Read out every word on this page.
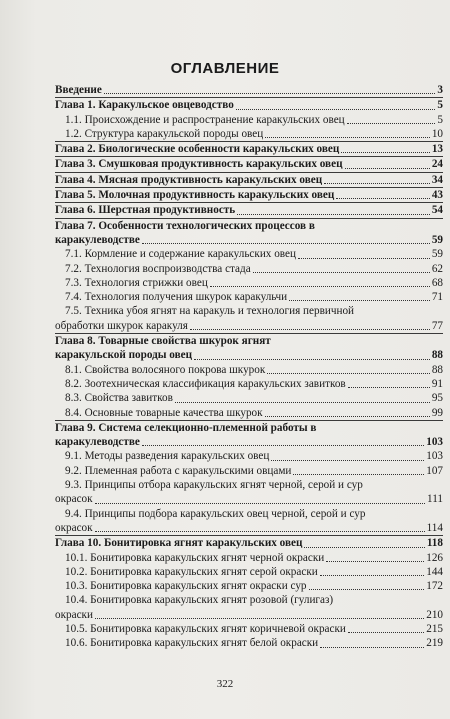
ОГЛАВЛЕНИЕ
Введение	3
Глава 1. Каракульское овцеводство	5
1.1. Происхождение и распространение каракульских овец	5
1.2. Структура каракульской породы овец	10
Глава 2. Биологические особенности каракульских овец	13
Глава 3. Смушковая продуктивность каракульских овец	24
Глава 4. Мясная продуктивность каракульских овец	34
Глава 5. Молочная продуктивность каракульских овец	43
Глава 6. Шерстная продуктивность	54
Глава 7. Особенности технологических процессов в
каракулеводстве	59
7.1. Кормление и содержание каракульских овец	59
7.2. Технология воспроизводства стада	62
7.3. Технология стрижки овец	68
7.4. Технология получения шкурок каракульчи	71
7.5. Техника убоя ягнят на каракуль и технология первичной
обработки шкурок каракуля	77
Глава 8. Товарные свойства шкурок ягнят
каракульской породы овец	88
8.1. Свойства волосяного покрова шкурок	88
8.2. Зоотехническая классификация каракульских завитков	91
8.3. Свойства завитков	95
8.4. Основные товарные качества шкурок	99
Глава 9. Система селекционно-племенной работы в
каракулеводстве	103
9.1. Методы разведения каракульских овец	103
9.2. Племенная работа с каракульскими овцами	107
9.3. Принципы отбора каракульских ягнят черной, серой и сур
окрасок	111
9.4. Принципы подбора каракульских овец черной, серой и сур
окрасок	114
Глава 10. Бонитировка ягнят каракульских овец	118
10.1. Бонитировка каракульских ягнят черной окраски	126
10.2. Бонитировка каракульских ягнят серой окраски	144
10.3. Бонитировка каракульских ягнят окраски сур	172
10.4. Бонитировка каракульских ягнят розовой (гулигаз)
окраски	210
10.5. Бонитировка каракульских ягнят коричневой окраски	215
10.6. Бонитировка каракульских ягнят белой окраски	219
322
